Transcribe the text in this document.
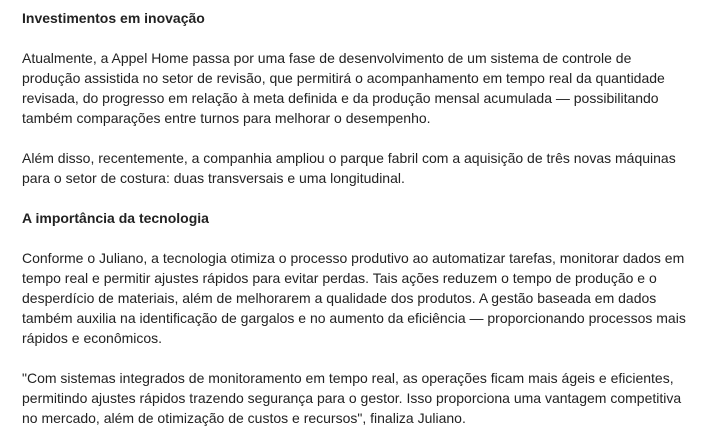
Investimentos em inovação

Atualmente, a Appel Home passa por uma fase de desenvolvimento de um sistema de controle de produção assistida no setor de revisão, que permitirá o acompanhamento em tempo real da quantidade revisada, do progresso em relação à meta definida e da produção mensal acumulada — possibilitando também comparações entre turnos para melhorar o desempenho.

Além disso, recentemente, a companhia ampliou o parque fabril com a aquisição de três novas máquinas para o setor de costura: duas transversais e uma longitudinal.

A importância da tecnologia

Conforme o Juliano, a tecnologia otimiza o processo produtivo ao automatizar tarefas, monitorar dados em tempo real e permitir ajustes rápidos para evitar perdas. Tais ações reduzem o tempo de produção e o desperdício de materiais, além de melhorarem a qualidade dos produtos. A gestão baseada em dados também auxilia na identificação de gargalos e no aumento da eficiência — proporcionando processos mais rápidos e econômicos.

"Com sistemas integrados de monitoramento em tempo real, as operações ficam mais ágeis e eficientes, permitindo ajustes rápidos trazendo segurança para o gestor. Isso proporciona uma vantagem competitiva no mercado, além de otimização de custos e recursos", finaliza Juliano.
